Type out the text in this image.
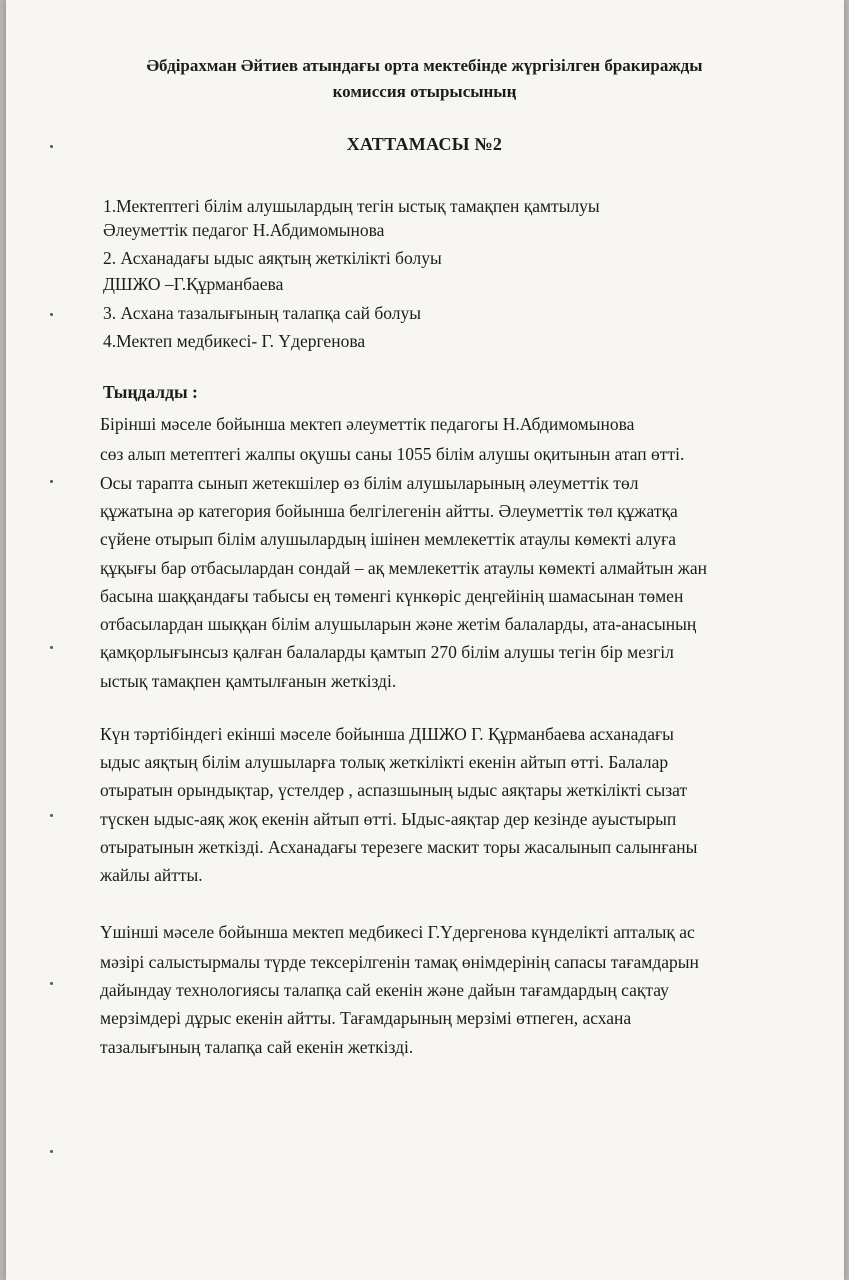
Әбдірахман Әйтиев атындағы орта мектебінде жүргізілген бракиражды
комиссия отырысының
ХАТТАМАСЫ №2
1.Мектептегі білім алушылардың тегін ыстық тамақпен қамтылуы
Әлеуметтік педагог Н.Абдимомынова
2. Асханадағы ыдыс аяқтың жеткілікті болуы
ДШЖО –Г.Құрманбаева
3. Асхана тазалығының талапқа сай болуы
4.Мектеп медбикесі- Г. Үдергенова
Тыңдалды :
Бірінші мәселе бойынша мектеп әлеуметтік педагогы Н.Абдимомынова
сөз алып метептегі жалпы оқушы саны 1055 білім алушы оқитынын атап өтті.
Осы тарапта сынып жетекшілер өз білім алушыларының әлеуметтік төл
құжатына әр категория бойынша белгілегенін айтты. Әлеуметтік төл құжатқа
сүйене отырып білім алушылардың ішінен мемлекеттік атаулы көмекті алуға
құқығы бар отбасылардан сондай – ақ мемлекеттік атаулы көмекті алмайтын жан
басына шаққандағы табысы ең төменгі күнкөріс деңгейінің шамасынан төмен
отбасылардан шыққан білім алушыларын және жетім балаларды, ата-анасының
қамқорлығынсыз қалған балаларды қамтып 270 білім алушы тегін бір мезгіл
ыстық тамақпен қамтылғанын жеткізді.
Күн тәртібіндегі екінші мәселе бойынша ДШЖО Г. Құрманбаева асханадағы
ыдыс аяқтың білім алушыларға толық жеткілікті екенін айтып өтті. Балалар
отыратын орындықтар, үстелдер , аспазшының ыдыс аяқтары жеткілікті сызат
түскен ыдыс-аяқ жоқ екенін айтып өтті. Ыдыс-аяқтар дер кезінде ауыстырып
отыратынын жеткізді. Асханадағы терезеге маскит торы жасалынып салынғаны
жайлы айтты.
Үшінші мәселе бойынша мектеп медбикесі Г.Үдергенова күнделікті апталық ас
мәзірі салыстырмалы түрде тексерілгенін тамақ өнімдерінің сапасы тағамдарын
дайындау технологиясы талапқа сай екенін және дайын тағамдардың сақтау
мерзімдері дұрыс екенін айтты. Тағамдарының мерзімі өтпеген, асхана
тазалығының талапқа сай екенін жеткізді.
